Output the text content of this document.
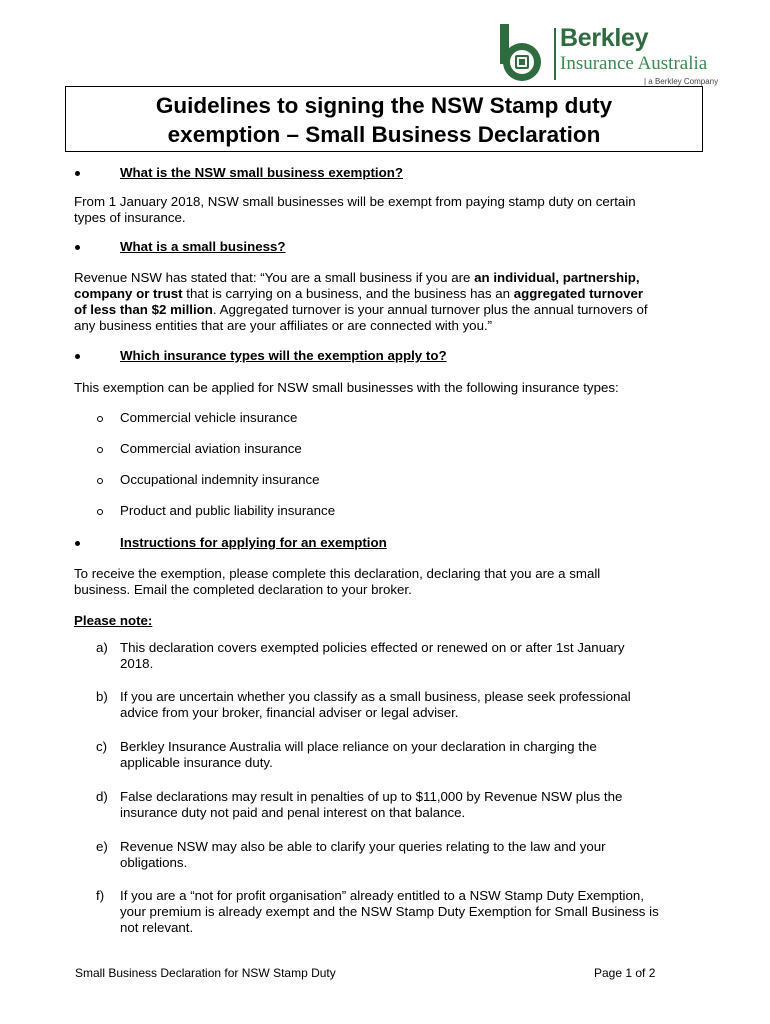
Berkley
Insurance Australia
| a Berkley Company
Guidelines to signing the NSW Stamp duty
exemption – Small Business Declaration
What is the NSW small business exemption?
From 1 January 2018, NSW small businesses will be exempt from paying stamp duty on certain
types of insurance.
What is a small business?
Revenue NSW has stated that: “You are a small business if you are an individual, partnership,
company or trust that is carrying on a business, and the business has an aggregated turnover
of less than $2 million. Aggregated turnover is your annual turnover plus the annual turnovers of
any business entities that are your affiliates or are connected with you.”
Which insurance types will the exemption apply to?
This exemption can be applied for NSW small businesses with the following insurance types:
Commercial vehicle insurance
Commercial aviation insurance
Occupational indemnity insurance
Product and public liability insurance
Instructions for applying for an exemption
To receive the exemption, please complete this declaration, declaring that you are a small
business. Email the completed declaration to your broker.
Please note:
a) This declaration covers exempted policies effected or renewed on or after 1st January
2018.
b) If you are uncertain whether you classify as a small business, please seek professional
advice from your broker, financial adviser or legal adviser.
c) Berkley Insurance Australia will place reliance on your declaration in charging the
applicable insurance duty.
d) False declarations may result in penalties of up to $11,000 by Revenue NSW plus the
insurance duty not paid and penal interest on that balance.
e) Revenue NSW may also be able to clarify your queries relating to the law and your
obligations.
f) If you are a “not for profit organisation” already entitled to a NSW Stamp Duty Exemption,
your premium is already exempt and the NSW Stamp Duty Exemption for Small Business is
not relevant.
Small Business Declaration for NSW Stamp Duty	Page 1 of 2
